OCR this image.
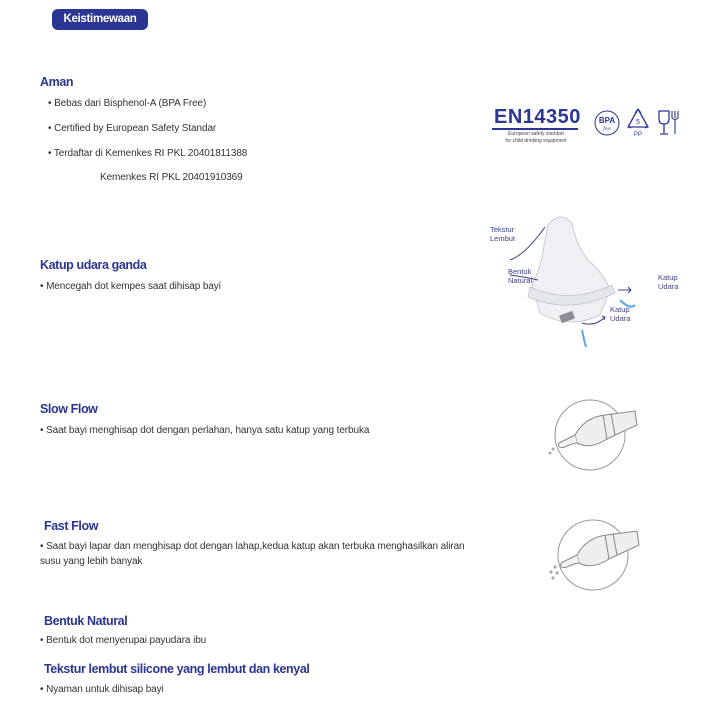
Keistimewaan
Aman
• Bebas dari Bisphenol-A (BPA Free)
• Certified by European Safety Standar
• Terdaftar di Kemenkes RI PKL 20401811388
Kemenkes RI PKL 20401910369
EN14350
European safety standart
for child drinking equipment
BPA
free
5
PP
Katup udara ganda
• Mencegah dot kempes saat dihisap bayi
Tekstur
Lembut
Bentuk
Natural	Katup
Udara
Katup
Udara
Slow Flow
• Saat bayi menghisap dot dengan perlahan, hanya satu katup yang terbuka
Fast Flow
• Saat bayi lapar dan menghisap dot dengan lahap,kedua katup akan terbuka menghasilkan aliran
susu yang lebih banyak
Bentuk Natural
• Bentuk dot menyerupai payudara ibu
Tekstur lembut silicone yang lembut dan kenyal
• Nyaman untuk dihisap bayi
